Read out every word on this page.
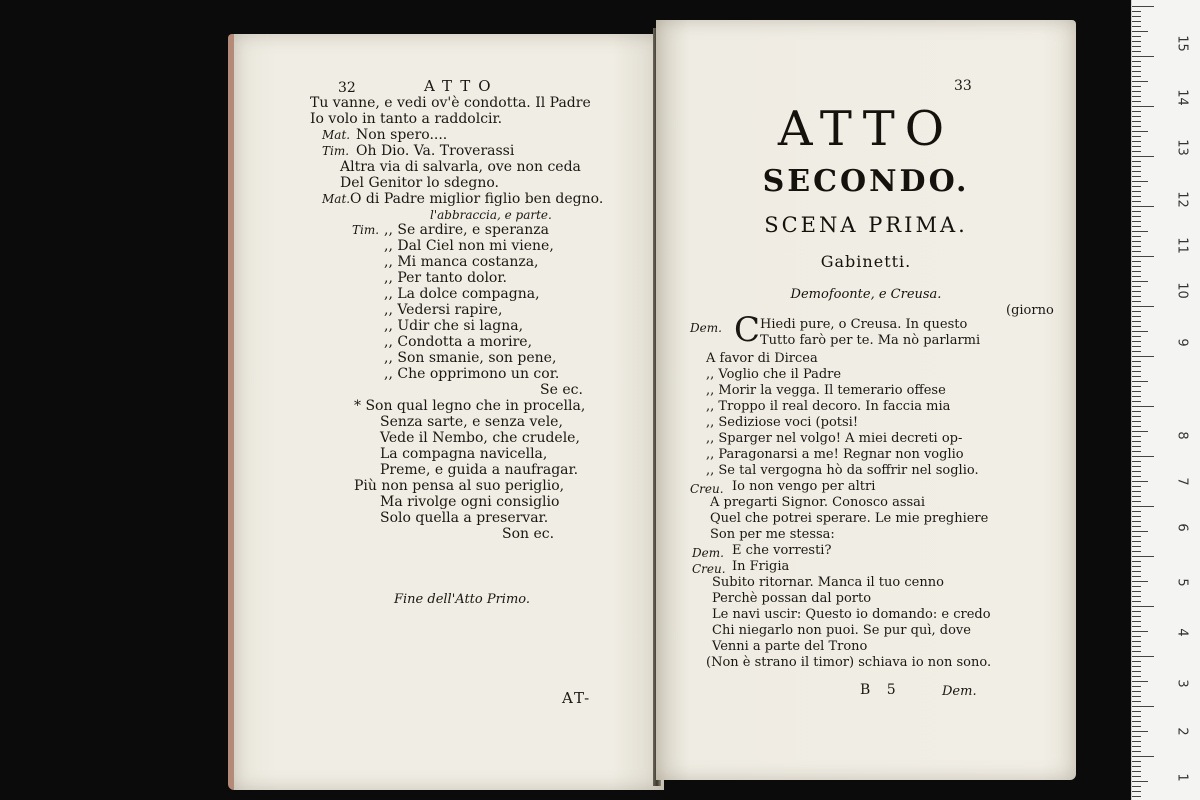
15
14
13
12
11
10
9
8
7
6
5
4
3
2
1
32	ATTO
Tu vanne, e vedi ov'è condotta. Il Padre
Io volo in tanto a raddolcir.
Mat. Non spero....
Tim. Oh Dio. Va. Troverassi
Altra via di salvarla, ove non ceda
Del Genitor lo sdegno.
Mat. O di Padre miglior figlio ben degno.
l'abbraccia, e parte.
Tim. ,, Se ardire, e speranza
,, Dal Ciel non mi viene,
,, Mi manca costanza,
,, Per tanto dolor.
,, La dolce compagna,
,, Vedersi rapire,
,, Udir che si lagna,
,, Condotta a morire,
,, Son smanie, son pene,
,, Che opprimono un cor.
Se ec.
* Son qual legno che in procella,
Senza sarte, e senza vele,
Vede il Nembo, che crudele,
La compagna navicella,
Preme, e guida a naufragar.
Più non pensa al suo periglio,
Ma rivolge ogni consiglio
Solo quella a preservar.
Son ec.
Fine dell'Atto Primo.
AT-
33
ATTO
SECONDO.
SCENA PRIMA.
Gabinetti.
Demofoonte, e Creusa.
(giorno
Dem. C Hiedi pure, o Creusa. In questo
Tutto farò per te. Ma nò parlarmi
A favor di Dircea
,, Voglio che il Padre
,, Morir la vegga. Il temerario offese
,, Troppo il real decoro. In faccia mia
,, Sediziose voci (potsi!
,, Sparger nel volgo! A miei decreti op-
,, Paragonarsi a me! Regnar non voglio
,, Se tal vergogna hò da soffrir nel soglio.
Creu. Io non vengo per altri
A pregarti Signor. Conosco assai
Quel che potrei sperare. Le mie preghiere
Son per me stessa:
Dem. E che vorresti?
Creu. In Frigia
Subito ritornar. Manca il tuo cenno
Perchè possan dal porto
Le navi uscir: Questo io domando: e credo
Chi niegarlo non puoi. Se pur quì, dove
Venni a parte del Trono
(Non è strano il timor) schiava io non sono.
B 5	Dem.
